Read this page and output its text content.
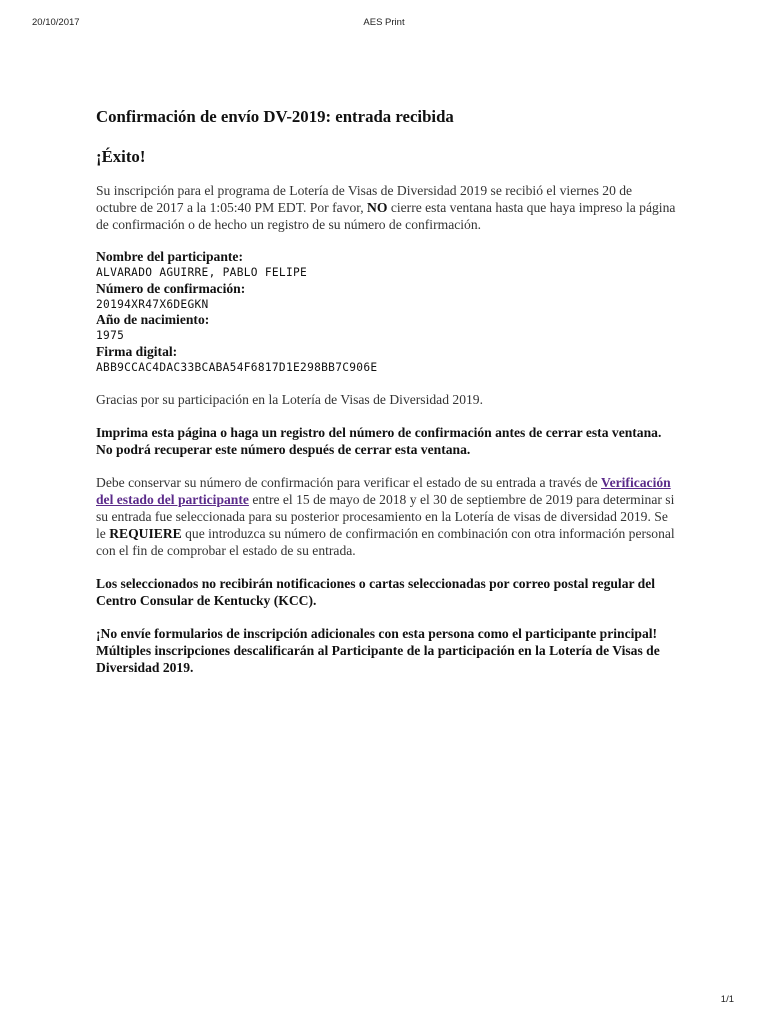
20/10/2017	AES Print
Confirmación de envío DV-2019: entrada recibida
¡Éxito!

Su inscripción para el programa de Lotería de Visas de Diversidad 2019 se recibió el viernes 20 de octubre de 2017 a la 1:05:40 PM EDT. Por favor, NO cierre esta ventana hasta que haya impreso la página de confirmación o de hecho un registro de su número de confirmación.

Nombre del participante:
ALVARADO AGUIRRE, PABLO FELIPE
Número de confirmación:
20194XR47X6DEGKN
Año de nacimiento:
1975
Firma digital:
ABB9CCAC4DAC33BCABA54F6817D1E298BB7C906E

Gracias por su participación en la Lotería de Visas de Diversidad 2019.

Imprima esta página o haga un registro del número de confirmación antes de cerrar esta ventana. No podrá recuperar este número después de cerrar esta ventana.

Debe conservar su número de confirmación para verificar el estado de su entrada a través de Verificación del estado del participante entre el 15 de mayo de 2018 y el 30 de septiembre de 2019 para determinar si su entrada fue seleccionada para su posterior procesamiento en la Lotería de visas de diversidad 2019. Se le REQUIERE que introduzca su número de confirmación en combinación con otra información personal con el fin de comprobar el estado de su entrada.

Los seleccionados no recibirán notificaciones o cartas seleccionadas por correo postal regular del Centro Consular de Kentucky (KCC).

¡No envíe formularios de inscripción adicionales con esta persona como el participante principal! Múltiples inscripciones descalificarán al Participante de la participación en la Lotería de Visas de Diversidad 2019.

1/1
